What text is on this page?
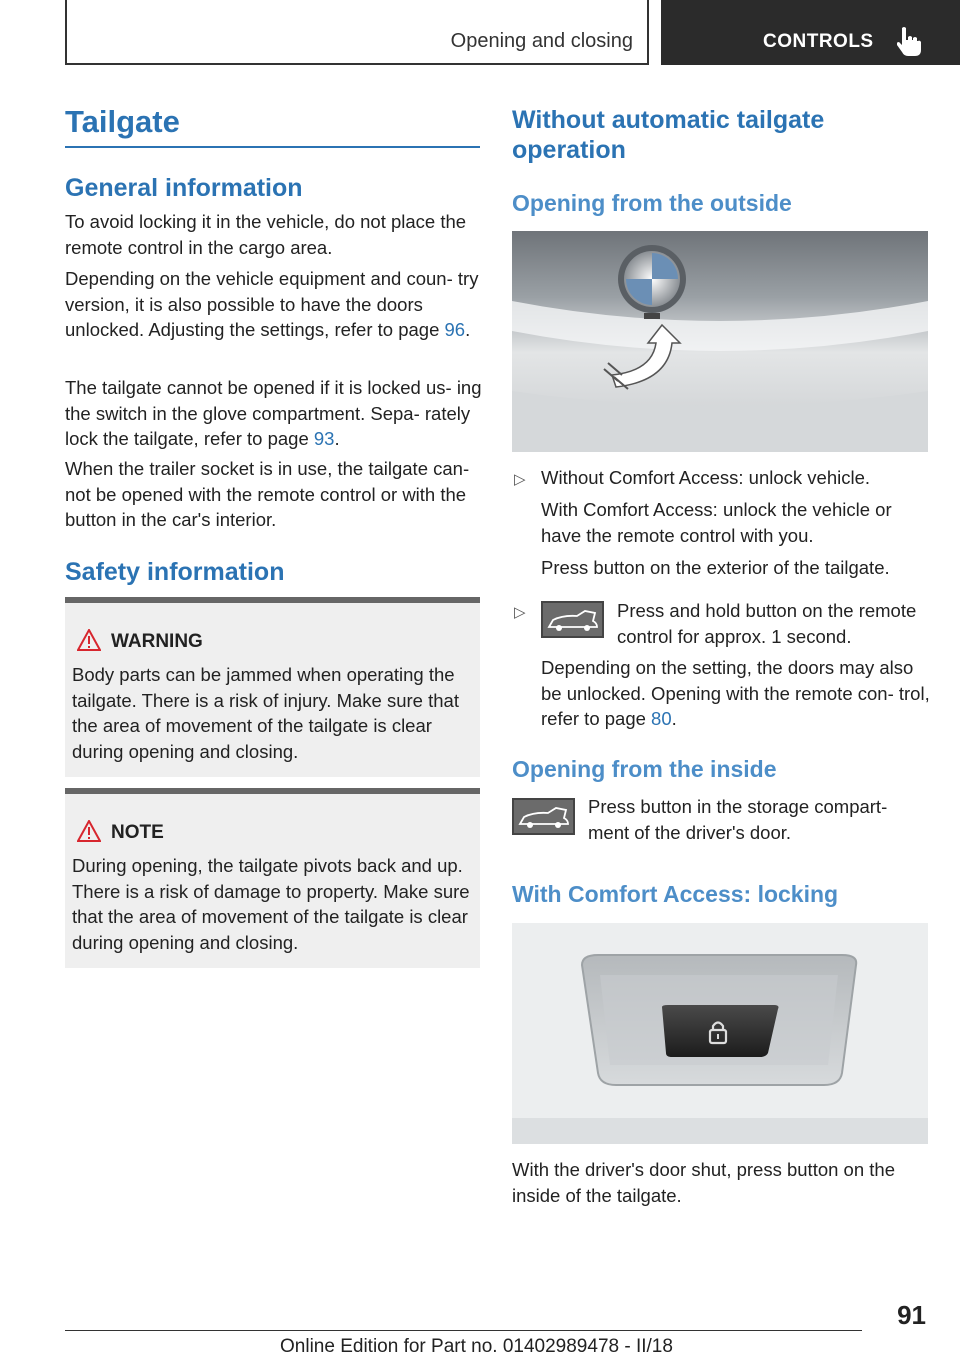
Opening and closing	CONTROLS
Tailgate
General information
To avoid locking it in the vehicle, do not place the remote control in the cargo area.
Depending on the vehicle equipment and coun‐ try version, it is also possible to have the doors unlocked. Adjusting the settings, refer to page 96.
The tailgate cannot be opened if it is locked us‐ ing the switch in the glove compartment. Sepa‐ rately lock the tailgate, refer to page 93.
When the trailer socket is in use, the tailgate can‐ not be opened with the remote control or with the button in the car's interior.
Safety information
WARNING
Body parts can be jammed when operating the tailgate. There is a risk of injury. Make sure that the area of movement of the tailgate is clear during opening and closing.
NOTE
During opening, the tailgate pivots back and up. There is a risk of damage to property. Make sure that the area of movement of the tailgate is clear during opening and closing.
Without automatic tailgate operation
Opening from the outside
▷ Without Comfort Access: unlock vehicle.
With Comfort Access: unlock the vehicle or have the remote control with you.
Press button on the exterior of the tailgate.
▷	Press and hold button on the remote control for approx. 1 second.
Depending on the setting, the doors may also be unlocked. Opening with the remote con‐ trol, refer to page 80.
Opening from the inside
Press button in the storage compart‐ ment of the driver's door.
With Comfort Access: locking
With the driver's door shut, press button on the inside of the tailgate.
91
Online Edition for Part no. 01402989478 - II/18
